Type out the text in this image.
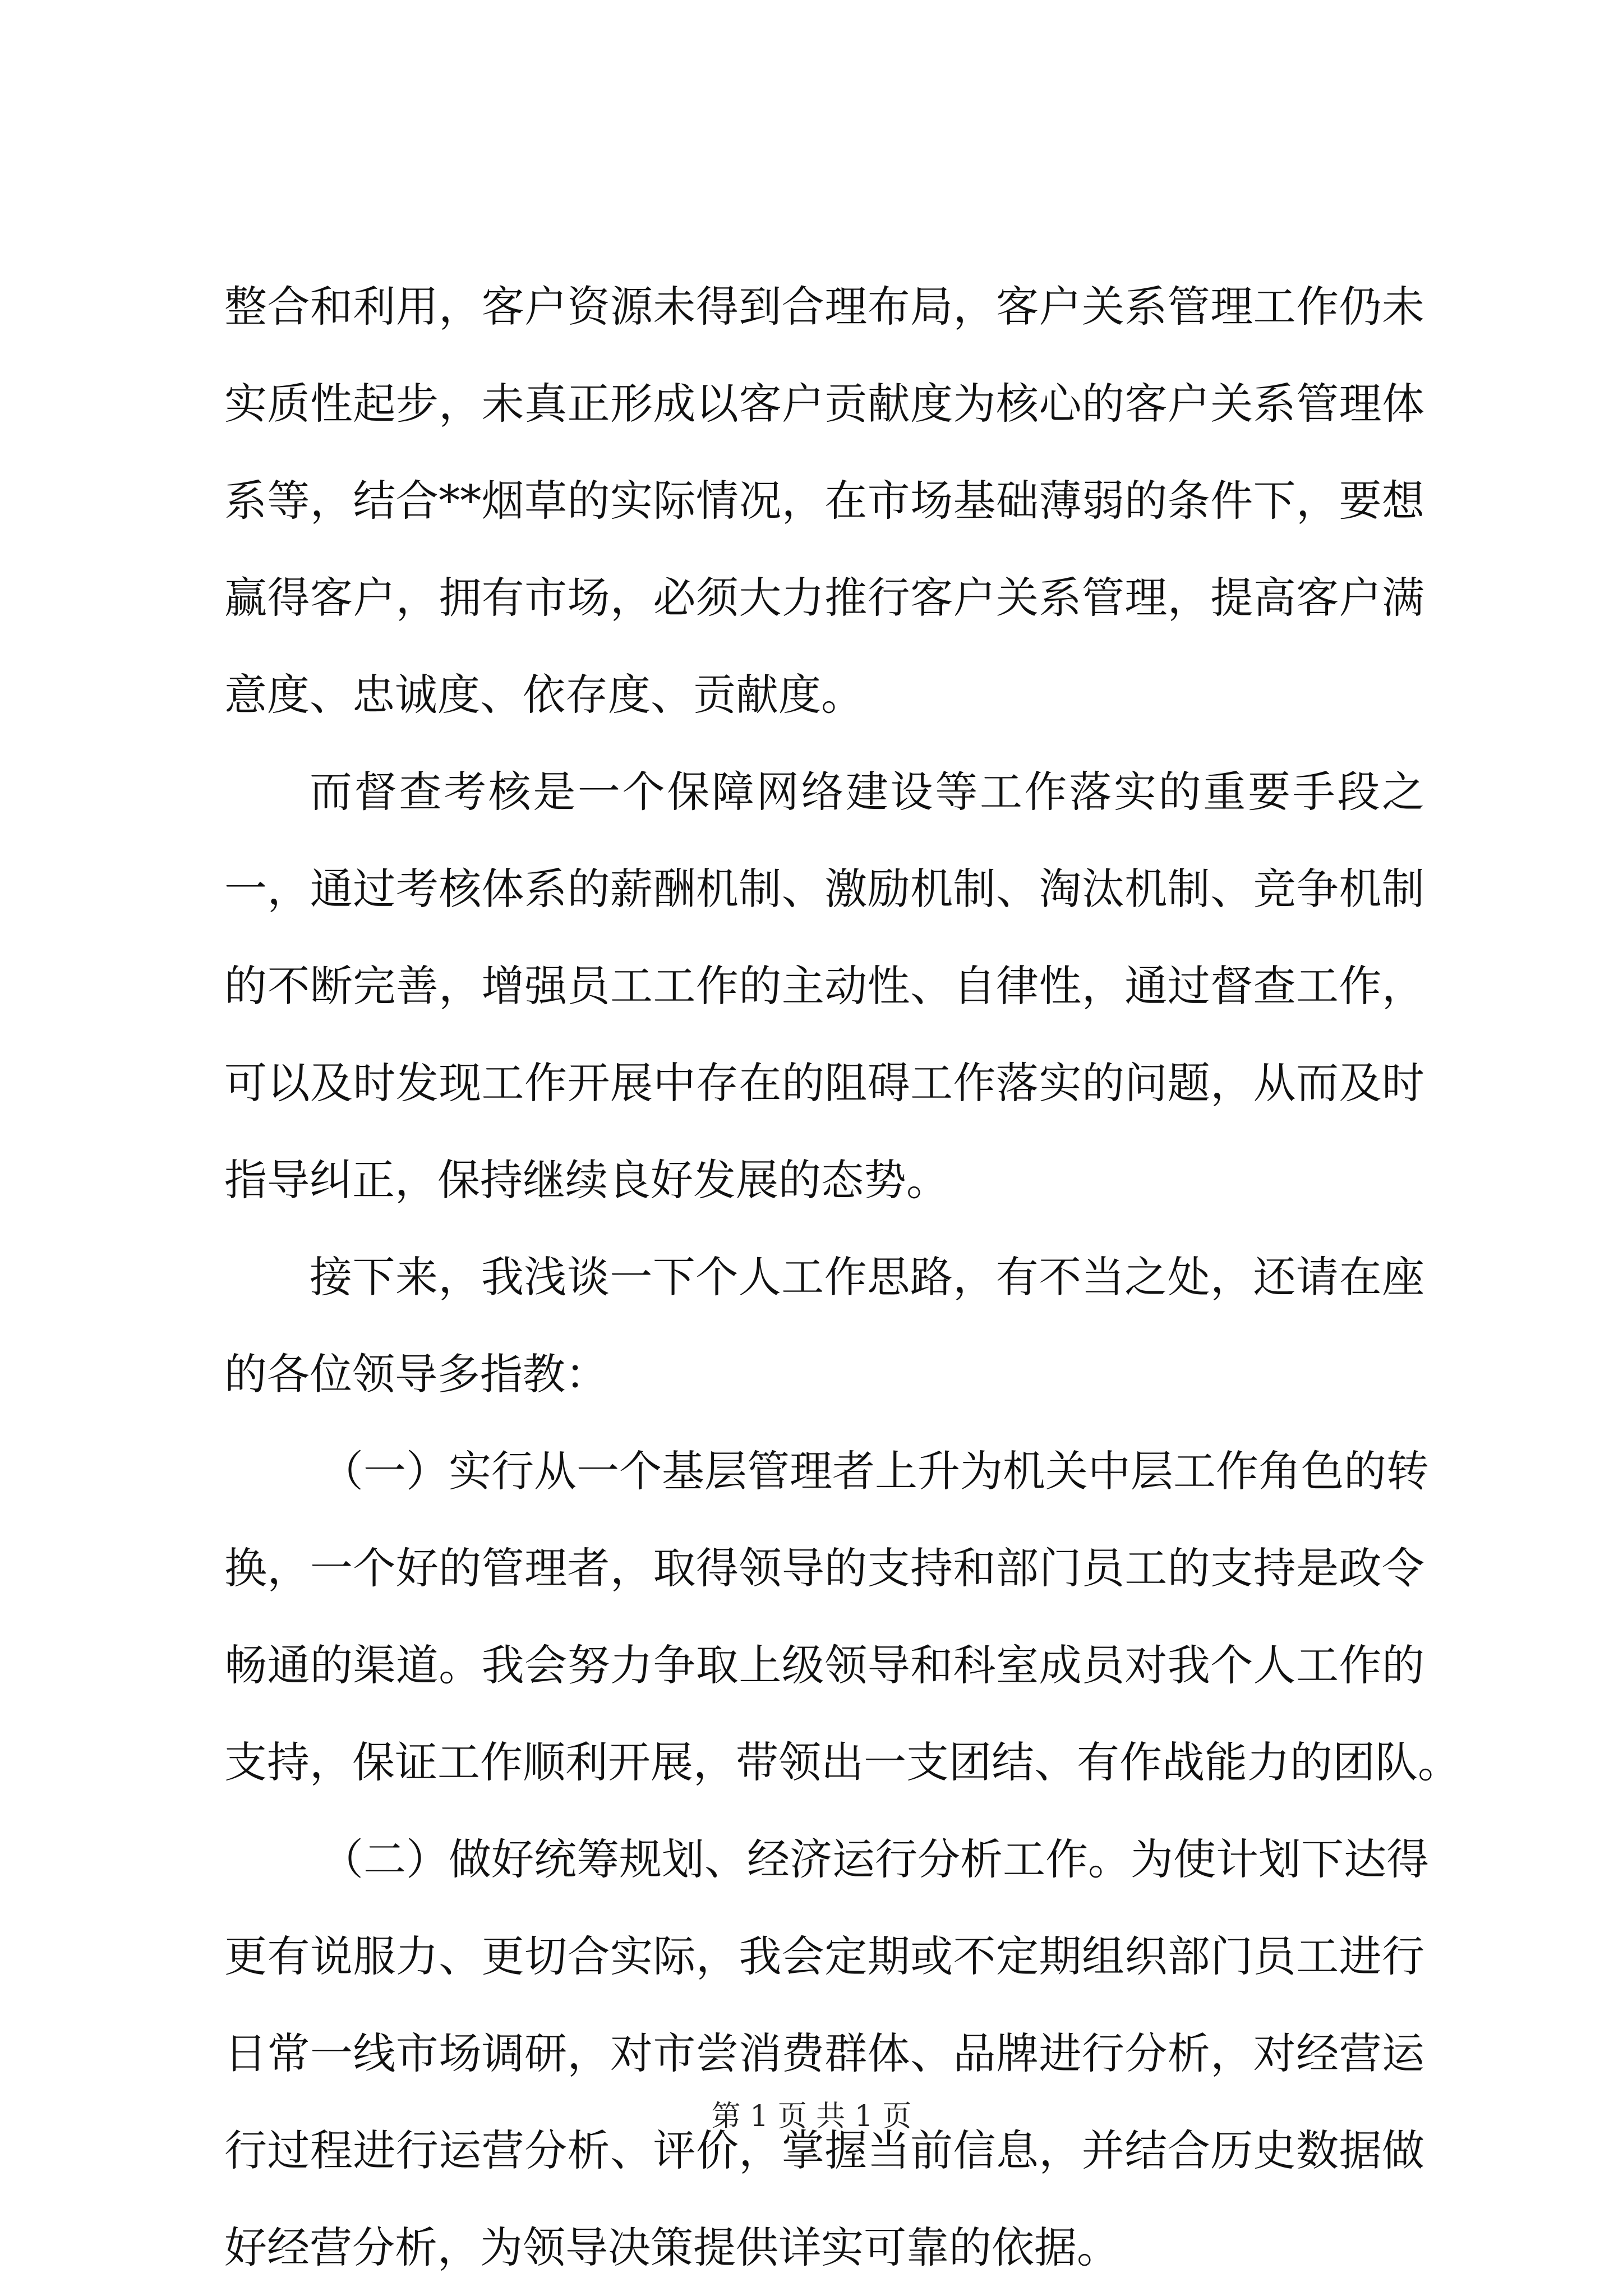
整合和利用，客户资源未得到合理布局，客户关系管理工作仍未
实质性起步，未真正形成以客户贡献度为核心的客户关系管理体
系等，结合**烟草的实际情况，在市场基础薄弱的条件下，要想
赢得客户，拥有市场，必须大力推行客户关系管理，提高客户满
意度、忠诚度、依存度、贡献度。
而督查考核是一个保障网络建设等工作落实的重要手段之
一，通过考核体系的薪酬机制、激励机制、淘汰机制、竞争机制
的不断完善，增强员工工作的主动性、自律性，通过督查工作，
可以及时发现工作开展中存在的阻碍工作落实的问题，从而及时
指导纠正，保持继续良好发展的态势。
接下来，我浅谈一下个人工作思路，有不当之处，还请在座
的各位领导多指教：
（一）实行从一个基层管理者上升为机关中层工作角色的转
换，一个好的管理者，取得领导的支持和部门员工的支持是政令
畅通的渠道。我会努力争取上级领导和科室成员对我个人工作的
支持，保证工作顺利开展，带领出一支团结、有作战能力的团队。
（二）做好统筹规划、经济运行分析工作。为使计划下达得
更有说服力、更切合实际，我会定期或不定期组织部门员工进行
日常一线市场调研，对市尝消费群体、品牌进行分析，对经营运
行过程进行运营分析、评价，掌握当前信息，并结合历史数据做
好经营分析，为领导决策提供详实可靠的依据。
第 1 页 共 1 页
